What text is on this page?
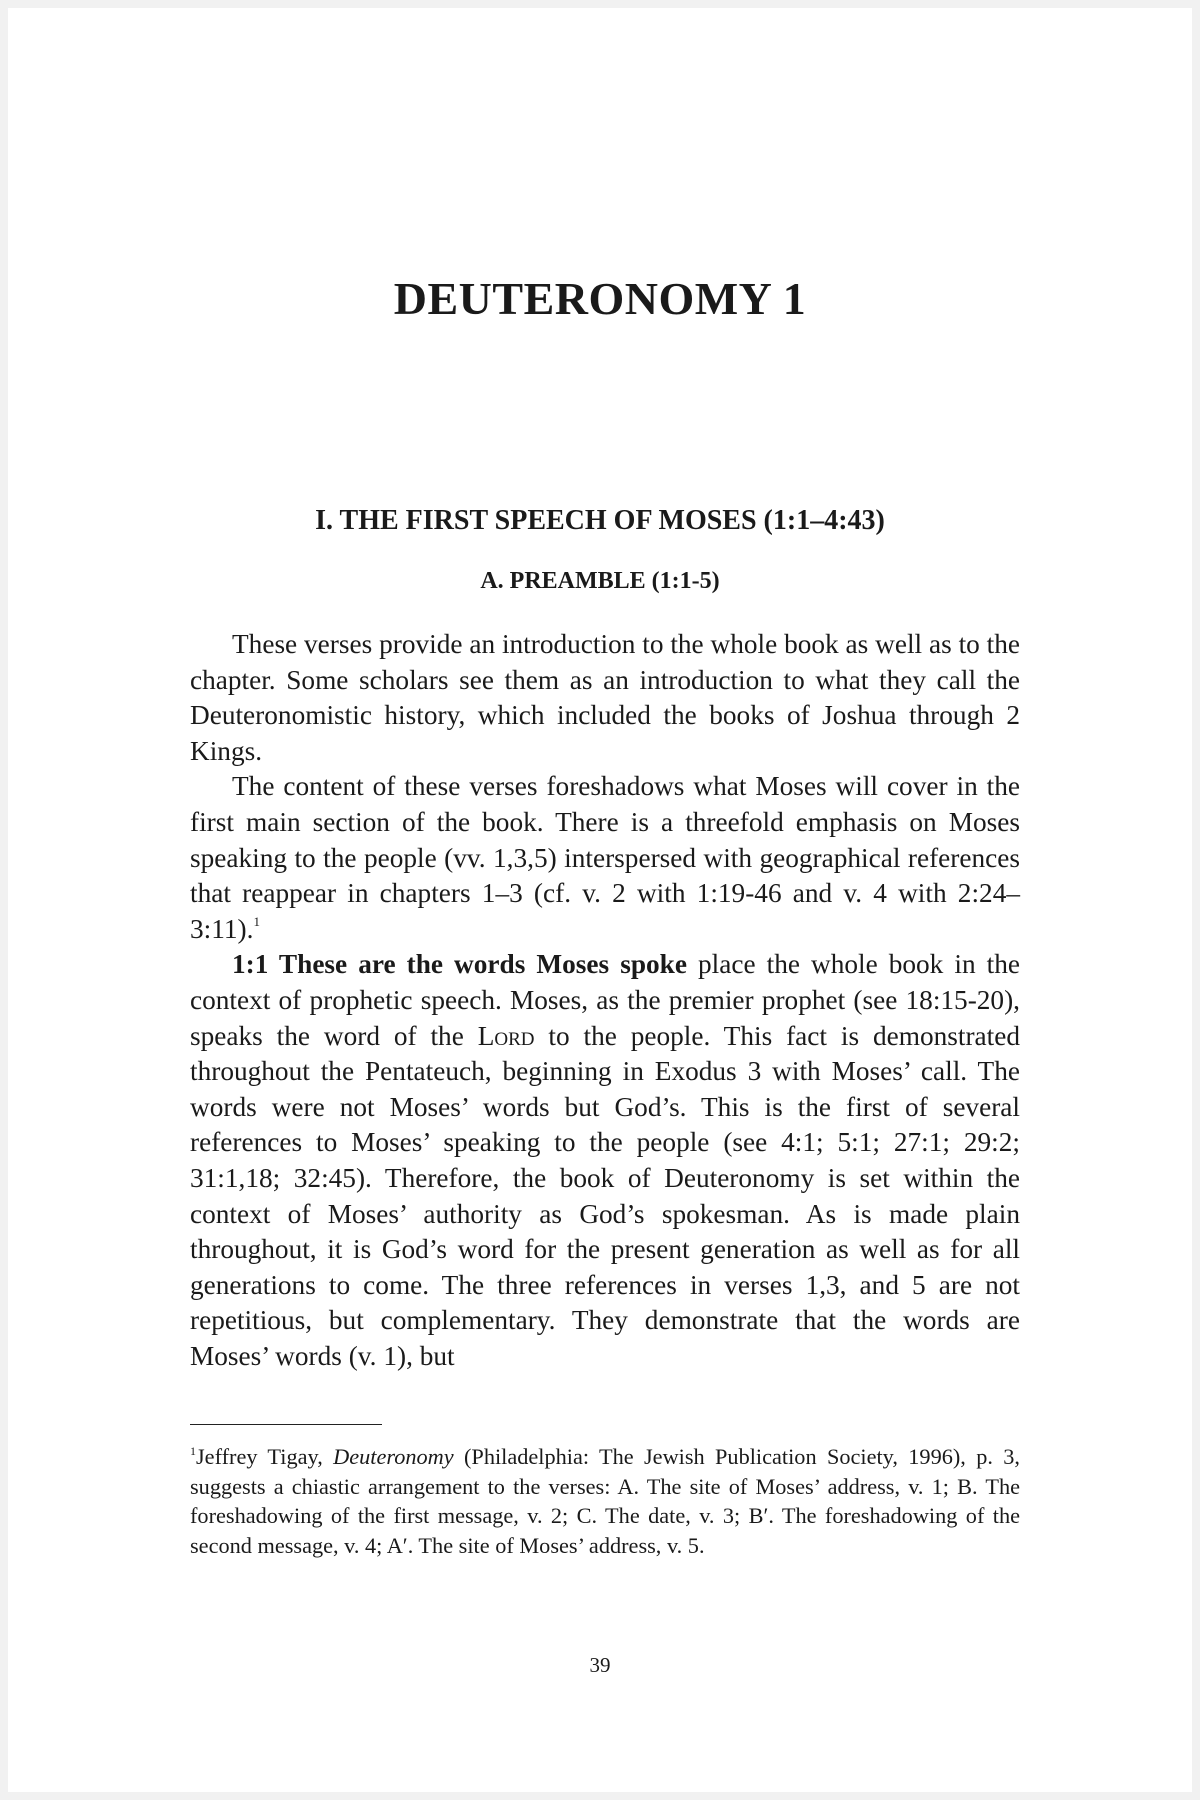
DEUTERONOMY 1
I. THE FIRST SPEECH OF MOSES (1:1–4:43)
A. PREAMBLE (1:1-5)

These verses provide an introduction to the whole book as well as to the chapter. Some scholars see them as an introduction to what they call the Deuteronomistic history, which included the books of Joshua through 2 Kings.

The content of these verses foreshadows what Moses will cover in the first main section of the book. There is a threefold emphasis on Moses speaking to the people (vv. 1,3,5) interspersed with geographical references that reappear in chapters 1–3 (cf. v. 2 with 1:19-46 and v. 4 with 2:24–3:11).$^1$

1:1 These are the words Moses spoke place the whole book in the context of prophetic speech. Moses, as the premier prophet (see 18:15-20), speaks the word of the Lord to the people. This fact is demonstrated throughout the Pentateuch, beginning in Exodus 3 with Moses’ call. The words were not Moses’ words but God’s. This is the first of several references to Moses’ speaking to the people (see 4:1; 5:1; 27:1; 29:2; 31:1,18; 32:45). Therefore, the book of Deuteronomy is set within the context of Moses’ authority as God’s spokesman. As is made plain throughout, it is God’s word for the present generation as well as for all generations to come. The three references in verses 1,3, and 5 are not repetitious, but complementary. They demonstrate that the words are Moses’ words (v. 1), but

$^1$Jeffrey Tigay, Deuteronomy (Philadelphia: The Jewish Publication Society, 1996), p. 3, suggests a chiastic arrangement to the verses: A. The site of Moses’ address, v. 1; B. The foreshadowing of the first message, v. 2; C. The date, v. 3; B′. The foreshadowing of the second message, v. 4; A′. The site of Moses’ address, v. 5.

39
